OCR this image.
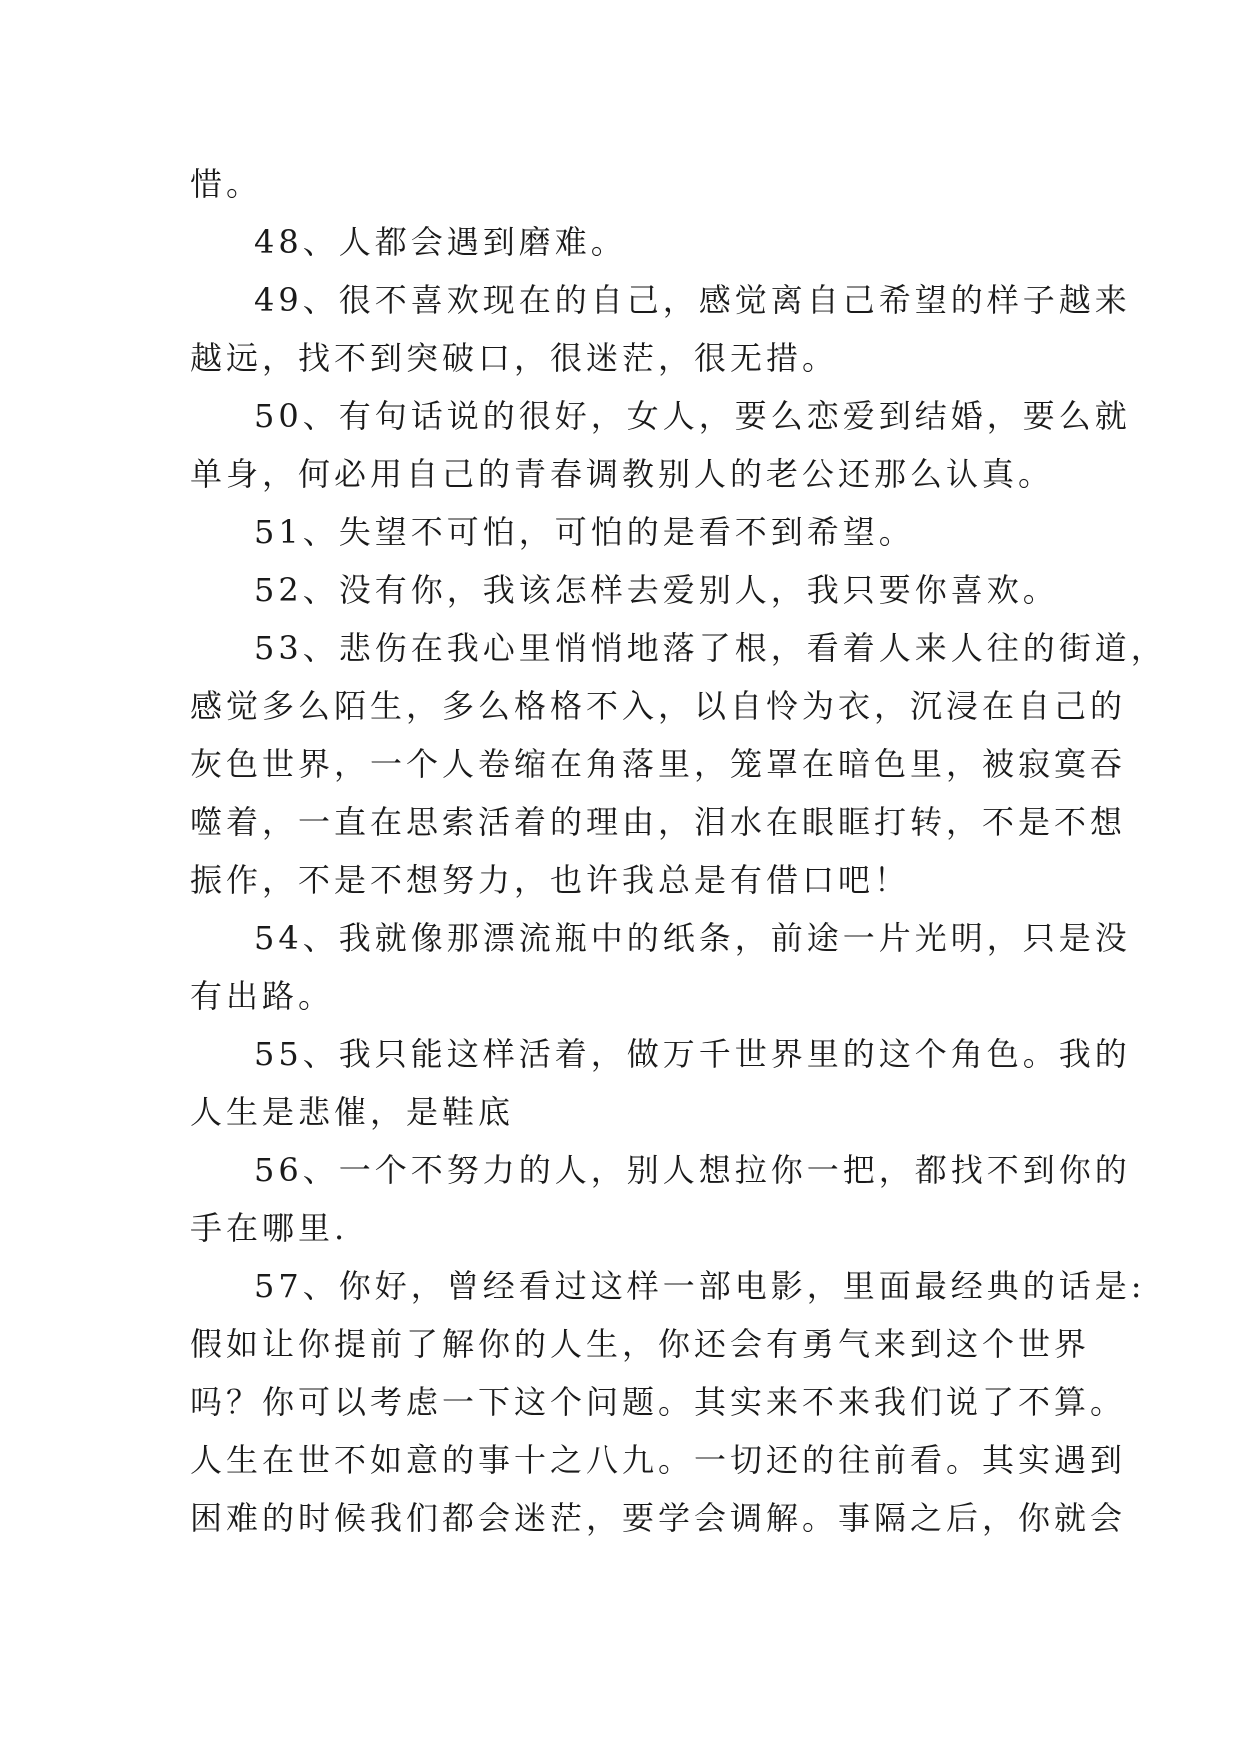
惜。
48、人都会遇到磨难。
49、很不喜欢现在的自己，感觉离自己希望的样子越来
越远，找不到突破口，很迷茫，很无措。
50、有句话说的很好，女人，要么恋爱到结婚，要么就
单身，何必用自己的青春调教别人的老公还那么认真。
51、失望不可怕，可怕的是看不到希望。
52、没有你，我该怎样去爱别人，我只要你喜欢。
53、悲伤在我心里悄悄地落了根，看着人来人往的街道，
感觉多么陌生，多么格格不入，以自怜为衣，沉浸在自己的
灰色世界，一个人卷缩在角落里，笼罩在暗色里，被寂寞吞
噬着，一直在思索活着的理由，泪水在眼眶打转，不是不想
振作，不是不想努力，也许我总是有借口吧！
54、我就像那漂流瓶中的纸条，前途一片光明，只是没
有出路。
55、我只能这样活着，做万千世界里的这个角色。我的
人生是悲催，是鞋底
56、一个不努力的人，别人想拉你一把，都找不到你的
手在哪里.
57、你好，曾经看过这样一部电影，里面最经典的话是:
假如让你提前了解你的人生，你还会有勇气来到这个世界
吗？你可以考虑一下这个问题。其实来不来我们说了不算。
人生在世不如意的事十之八九。一切还的往前看。其实遇到
困难的时候我们都会迷茫，要学会调解。事隔之后，你就会
